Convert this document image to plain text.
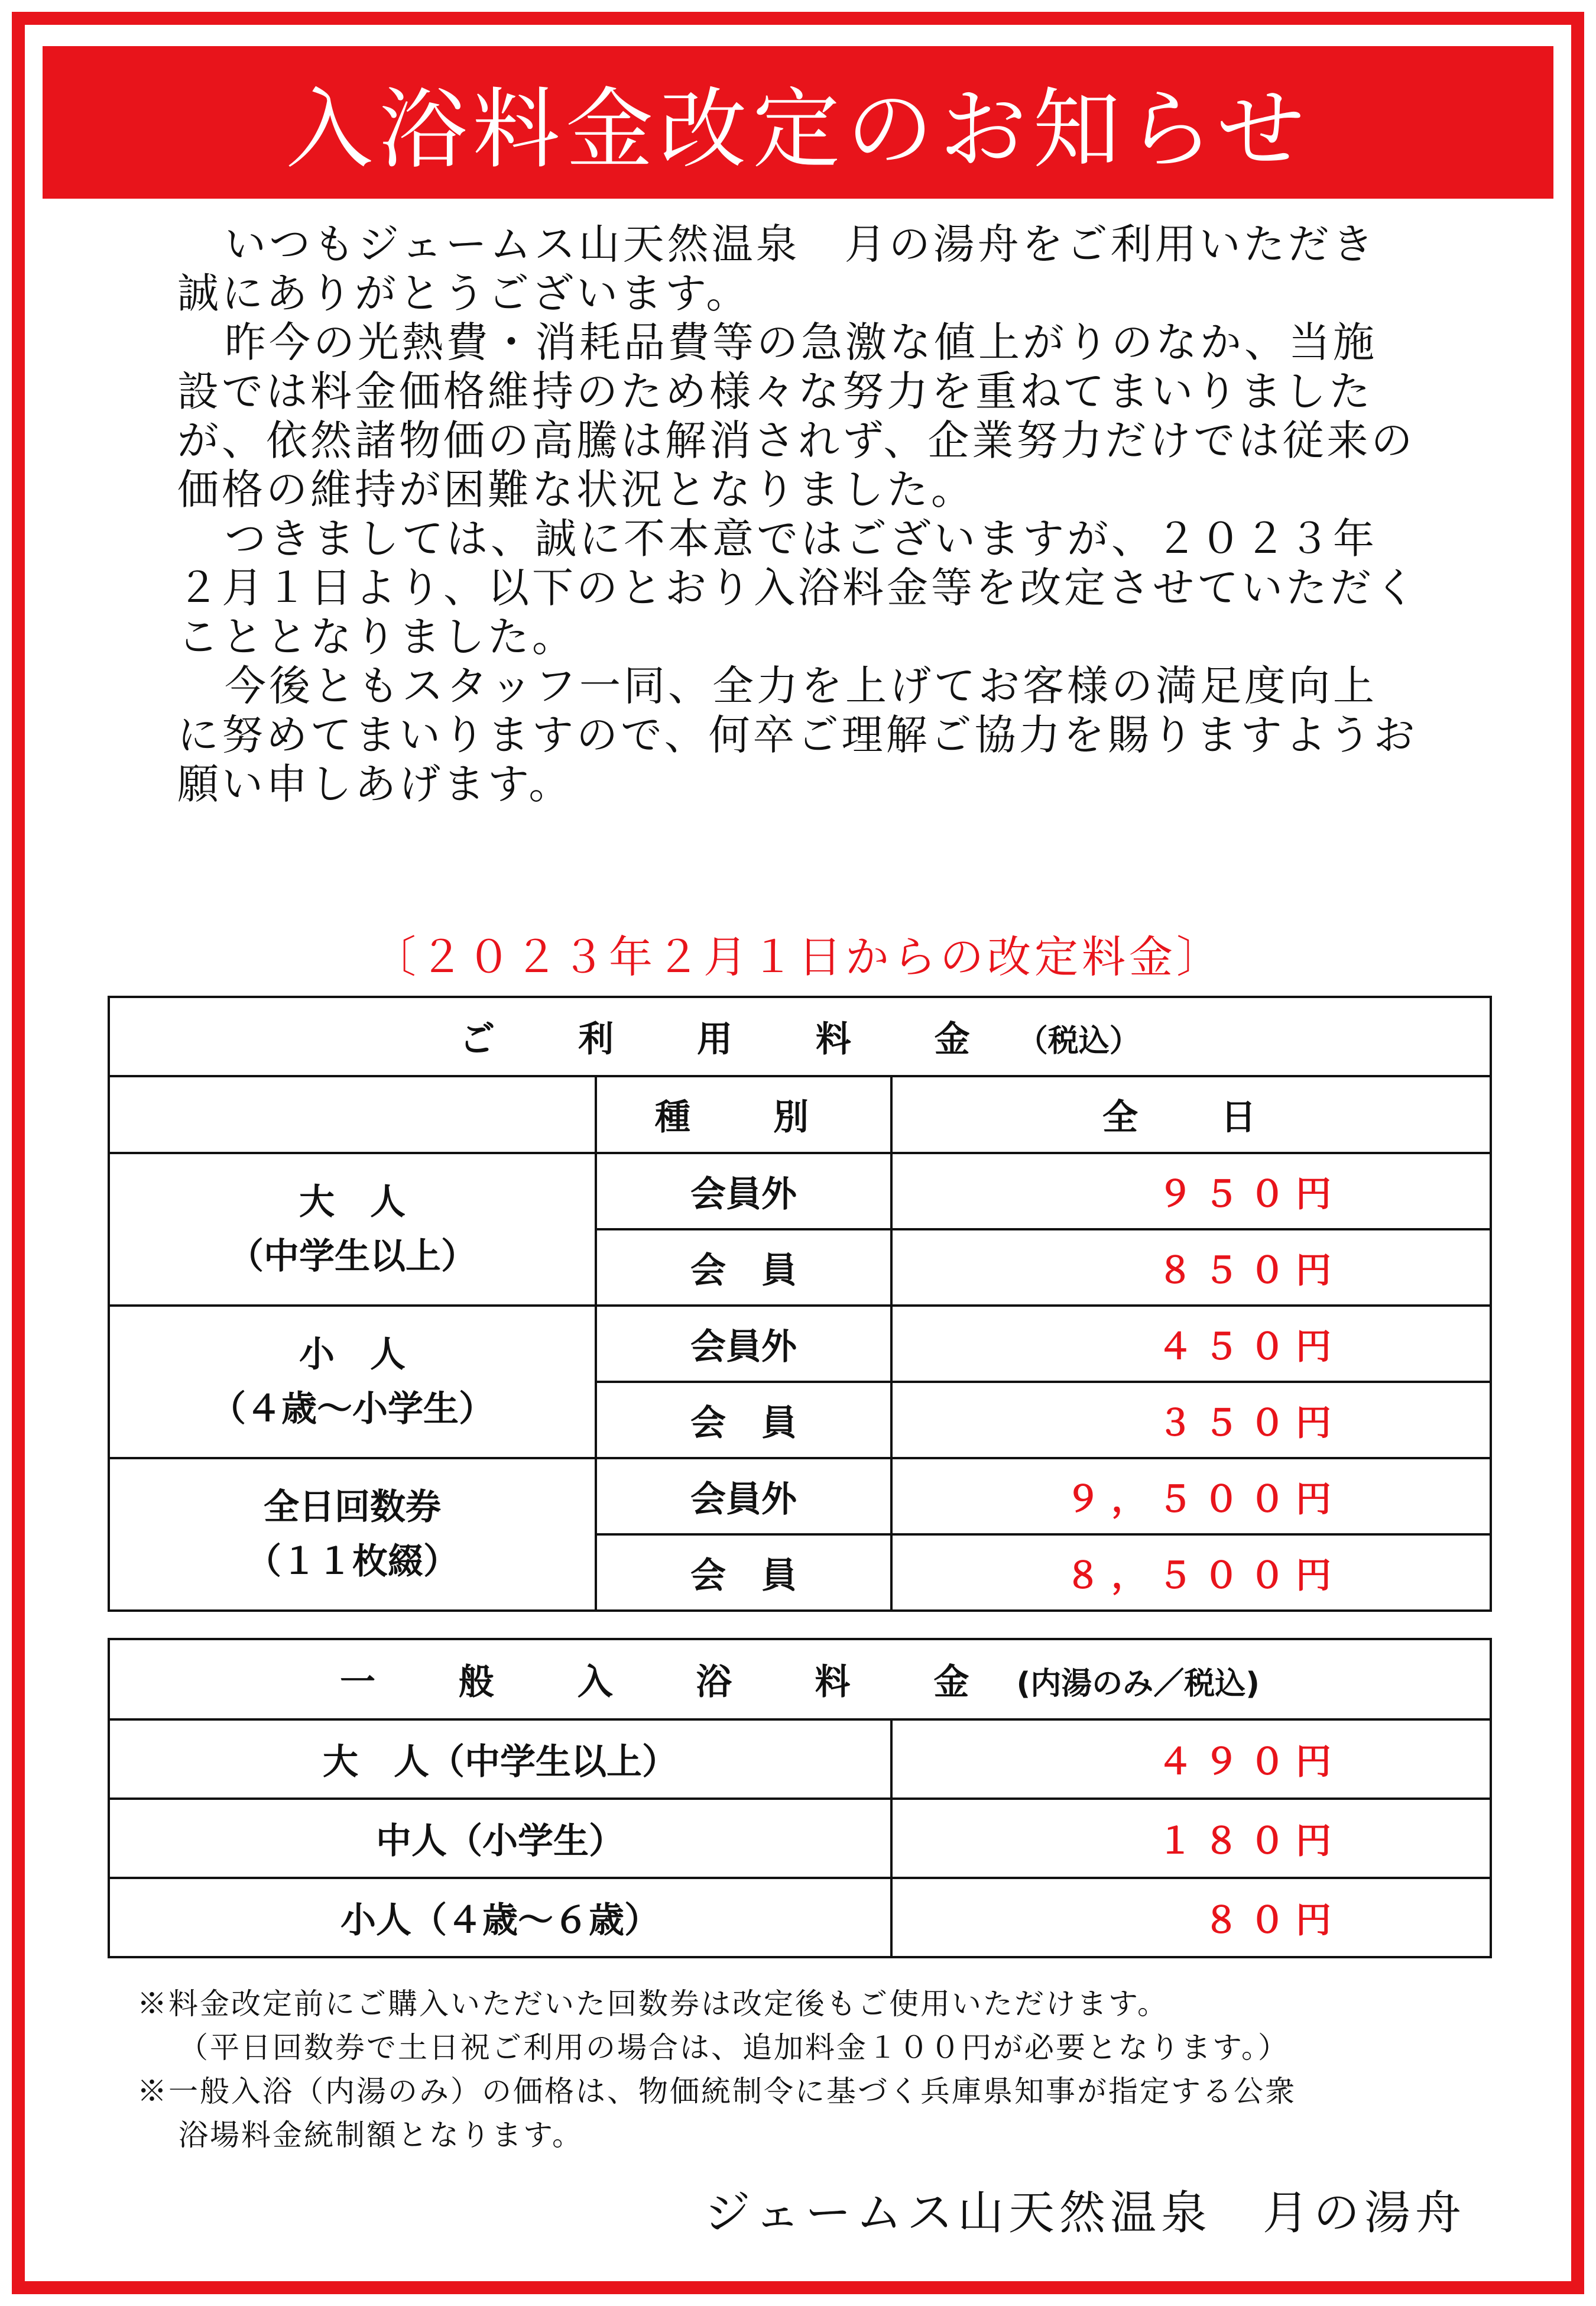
入浴料金改定のお知らせ

いつもジェームス山天然温泉　月の湯舟をご利用いただき誠にありがとうございます。

昨今の光熱費・消耗品費等の急激な値上がりのなか、当施設では料金価格維持のため様々な努力を重ねてまいりましたが、依然諸物価の高騰は解消されず、企業努力だけでは従来の価格の維持が困難な状況となりました。

つきましては、誠に不本意ではございますが、２０２３年２月１日より、以下のとおり入浴料金等を改定させていただくこととなりました。

今後ともスタッフ一同、全力を上げてお客様の満足度向上に努めてまいりますので、何卒ご理解ご協力を賜りますようお願い申しあげます。

〔２０２３年２月１日からの改定料金〕
ご 利 用 料 金 （税込）		
	種　別	全　日

大　人
（中学生以上）	会員外	９５０円
	会　員	８５０円

小　人
（４歳～小学生）	会員外	４５０円
	会　員	３５０円

全日回数券
（１１枚綴）	会員外	９，５００円
	会　員	８，５００円
一 般 入 浴 料 金 (内湯のみ／税込)	
大　人（中学生以上）	４９０円
中人（小学生）	１８０円
小人（４歳～６歳）	８０円
※料金改定前にご購入いただいた回数券は改定後もご使用いただけます。
（平日回数券で土日祝ご利用の場合は、追加料金１００円が必要となります。）
※一般入浴（内湯のみ）の価格は、物価統制令に基づく兵庫県知事が指定する公衆
浴場料金統制額となります。
ジェームス山天然温泉　月の湯舟
